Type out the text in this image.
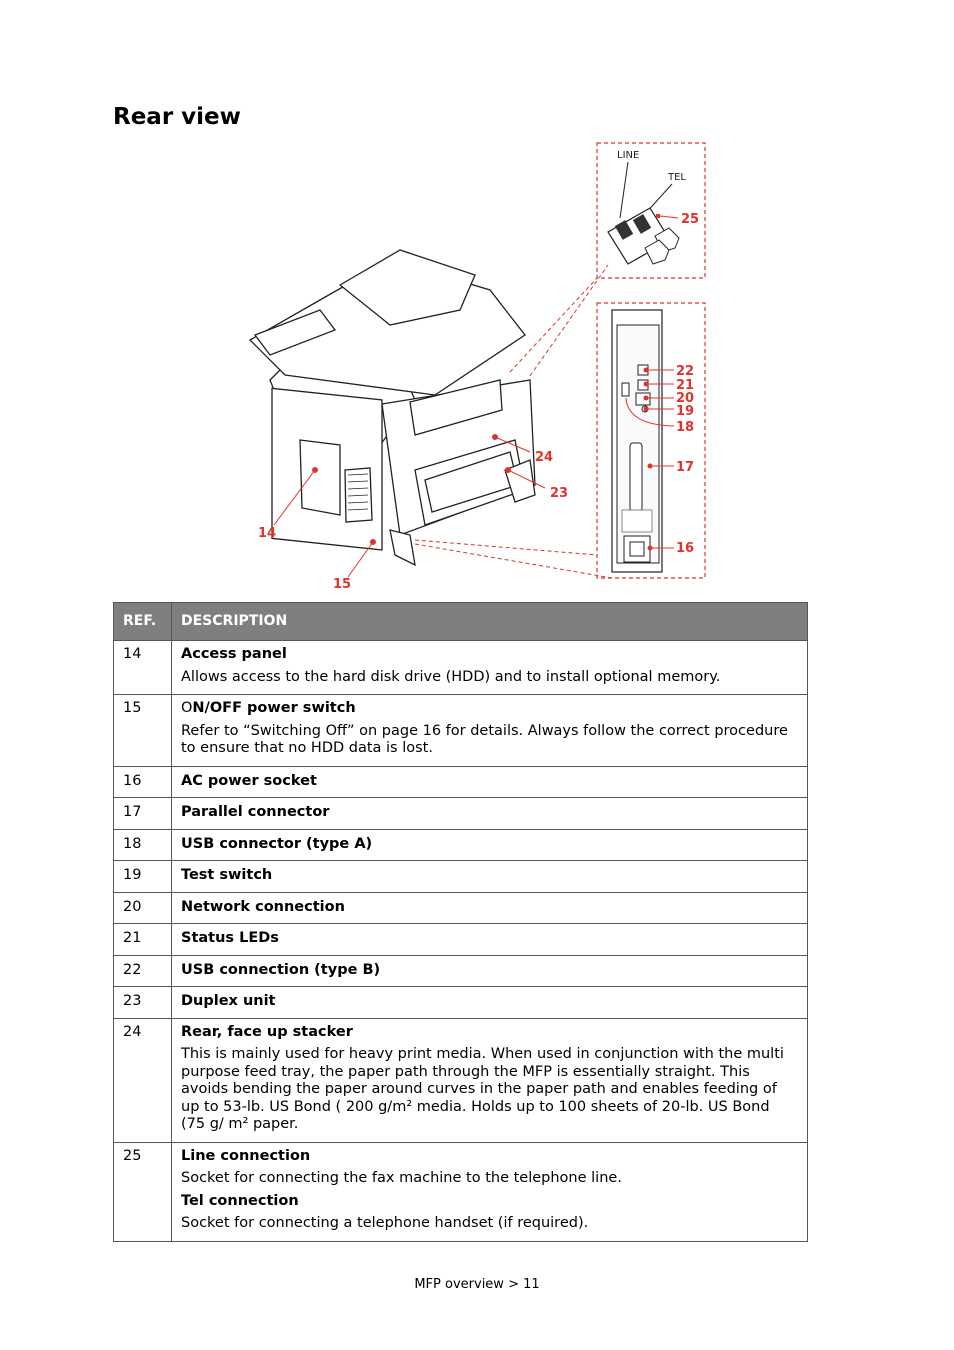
Rear view
LINE
TEL
14
15
16
17
18
19
20
21
22
23
24
25
REF.	DESCRIPTION
14	Access panel
Allows access to the hard disk drive (HDD) and to install optional memory.

15	ON/OFF power switch
Refer to “Switching Off” on page 16 for details. Always follow the correct procedure to ensure that no HDD data is lost.

16	AC power socket

17	Parallel connector

18	USB connector (type A)

19	Test switch

20	Network connection

21	Status LEDs

22	USB connection (type B)

23	Duplex unit

24	Rear, face up stacker
This is mainly used for heavy print media. When used in conjunction with the multi purpose feed tray, the paper path through the MFP is essentially straight. This avoids bending the paper around curves in the paper path and enables feeding of up to 53-lb. US Bond ( 200 g/m² media. Holds up to 100 sheets of 20-lb. US Bond (75 g/ m² paper.

25	Line connection
Socket for connecting the fax machine to the telephone line.
Tel connection
Socket for connecting a telephone handset (if required).
MFP overview > 11
